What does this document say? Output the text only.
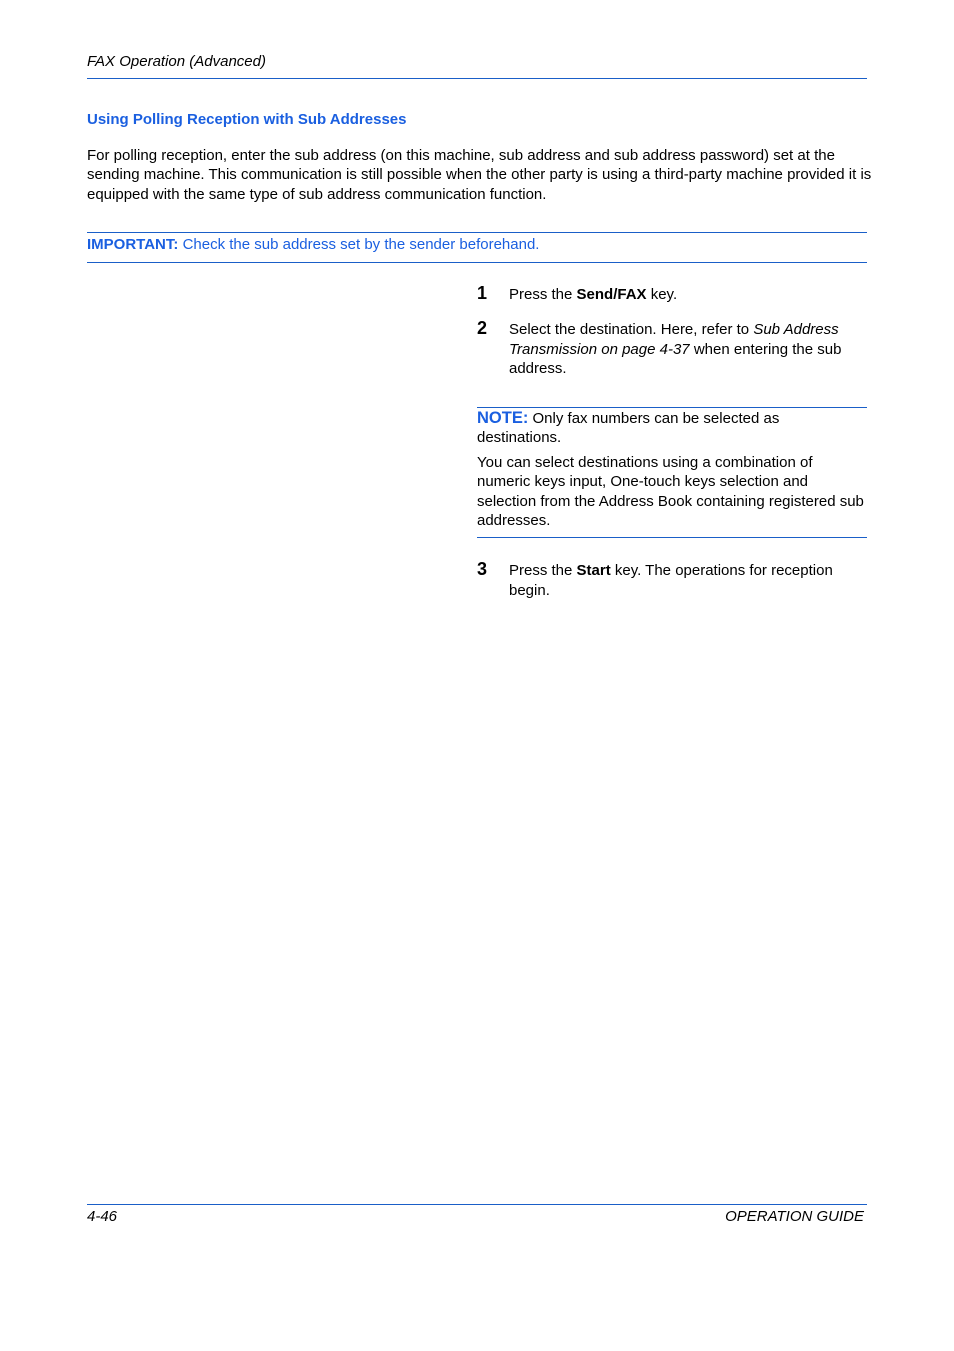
FAX Operation (Advanced)
Using Polling Reception with Sub Addresses
For polling reception, enter the sub address (on this machine, sub address and sub address password) set at the sending machine. This communication is still possible when the other party is using a third-party machine provided it is equipped with the same type of sub address communication function.
IMPORTANT: Check the sub address set by the sender beforehand.
1 Press the Send/FAX key.
2 Select the destination. Here, refer to Sub Address Transmission on page 4-37 when entering the sub address.

NOTE: Only fax numbers can be selected as destinations.

You can select destinations using a combination of numeric keys input, One-touch keys selection and selection from the Address Book containing registered sub addresses.

3 Press the Start key. The operations for reception begin.
4-46	OPERATION GUIDE
